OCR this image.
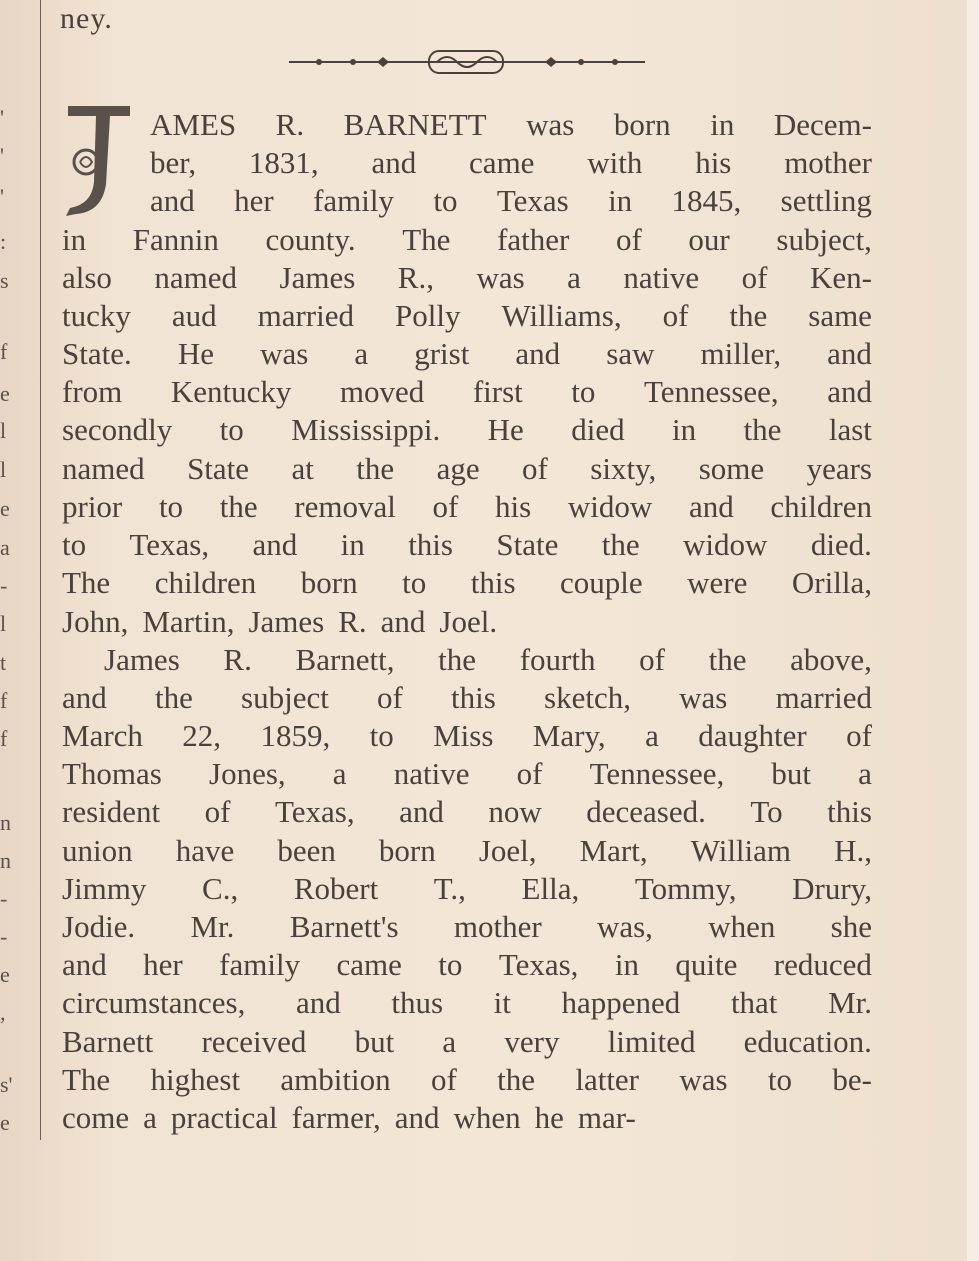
'
'
'
:
s
f
e
l
l
e
a
-
l
t
f
f
n
n
-
-
e
,
s'
e
ney.
J
AMES R. BARNETT was born in Decem-
ber, 1831, and came with his mother
and her family to Texas in 1845, settling
in Fannin county. The father of our subject,
also named James R., was a native of Ken-
tucky aud married Polly Williams, of the same
State. He was a grist and saw miller, and
from Kentucky moved first to Tennessee, and
secondly to Mississippi. He died in the last
named State at the age of sixty, some years
prior to the removal of his widow and children
to Texas, and in this State the widow died.
The children born to this couple were Orilla,
John, Martin, James R. and Joel.
James R. Barnett, the fourth of the above,
and the subject of this sketch, was married
March 22, 1859, to Miss Mary, a daughter of
Thomas Jones, a native of Tennessee, but a
resident of Texas, and now deceased. To this
union have been born Joel, Mart, William H.,
Jimmy C., Robert T., Ella, Tommy, Drury,
Jodie. Mr. Barnett's mother was, when she
and her family came to Texas, in quite reduced
circumstances, and thus it happened that Mr.
Barnett received but a very limited education.
The highest ambition of the latter was to be-
come a practical farmer, and when he mar-
